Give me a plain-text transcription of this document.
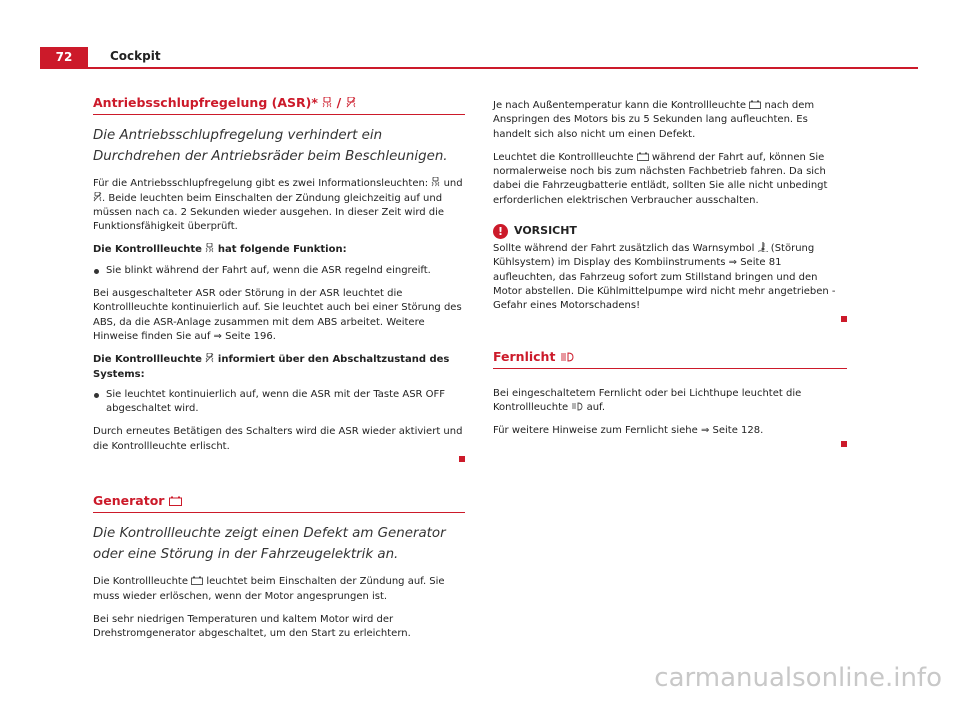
72	Cockpit
Antriebsschlupfregelung (ASR)* /

Die Antriebsschlupfregelung verhindert ein Durchdrehen der Antriebsräder beim Beschleunigen.

Für die Antriebsschlupfregelung gibt es zwei Informationsleuchten: und . Beide leuchten beim Einschalten der Zündung gleichzeitig auf und müssen nach ca. 2 Sekunden wieder ausgehen. In dieser Zeit wird die Funktionsfähigkeit überprüft.

Die Kontrollleuchte hat folgende Funktion:

Sie blinkt während der Fahrt auf, wenn die ASR regelnd eingreift.

Bei ausgeschalteter ASR oder Störung in der ASR leuchtet die Kontrollleuchte kontinuierlich auf. Sie leuchtet auch bei einer Störung des ABS, da die ASR-Anlage zusammen mit dem ABS arbeitet. Weitere Hinweise finden Sie auf ⇒ Seite 196.

Die Kontrollleuchte informiert über den Abschaltzustand des Systems:

Sie leuchtet kontinuierlich auf, wenn die ASR mit der Taste ASR OFF abgeschaltet wird.

Durch erneutes Betätigen des Schalters wird die ASR wieder aktiviert und die Kontrollleuchte erlischt.

Generator

Die Kontrollleuchte zeigt einen Defekt am Generator oder eine Störung in der Fahrzeugelektrik an.

Die Kontrollleuchte leuchtet beim Einschalten der Zündung auf. Sie muss wieder erlöschen, wenn der Motor angesprungen ist.

Bei sehr niedrigen Temperaturen und kaltem Motor wird der Drehstromgenerator abgeschaltet, um den Start zu erleichtern.

Je nach Außentemperatur kann die Kontrollleuchte nach dem Anspringen des Motors bis zu 5 Sekunden lang aufleuchten. Es handelt sich also nicht um einen Defekt.

Leuchtet die Kontrollleuchte während der Fahrt auf, können Sie normalerweise noch bis zum nächsten Fachbetrieb fahren. Da sich dabei die Fahrzeugbatterie entlädt, sollten Sie alle nicht unbedingt erforderlichen elektrischen Verbraucher ausschalten.

! VORSICHT

Sollte während der Fahrt zusätzlich das Warnsymbol (Störung Kühlsystem) im Display des Kombiinstruments ⇒ Seite 81 aufleuchten, das Fahrzeug sofort zum Stillstand bringen und den Motor abstellen. Die Kühlmittelpumpe wird nicht mehr angetrieben - Gefahr eines Motorschadens!

Fernlicht

Bei eingeschaltetem Fernlicht oder bei Lichthupe leuchtet die Kontrollleuchte auf.

Für weitere Hinweise zum Fernlicht siehe ⇒ Seite 128.

carmanualsonline.info
